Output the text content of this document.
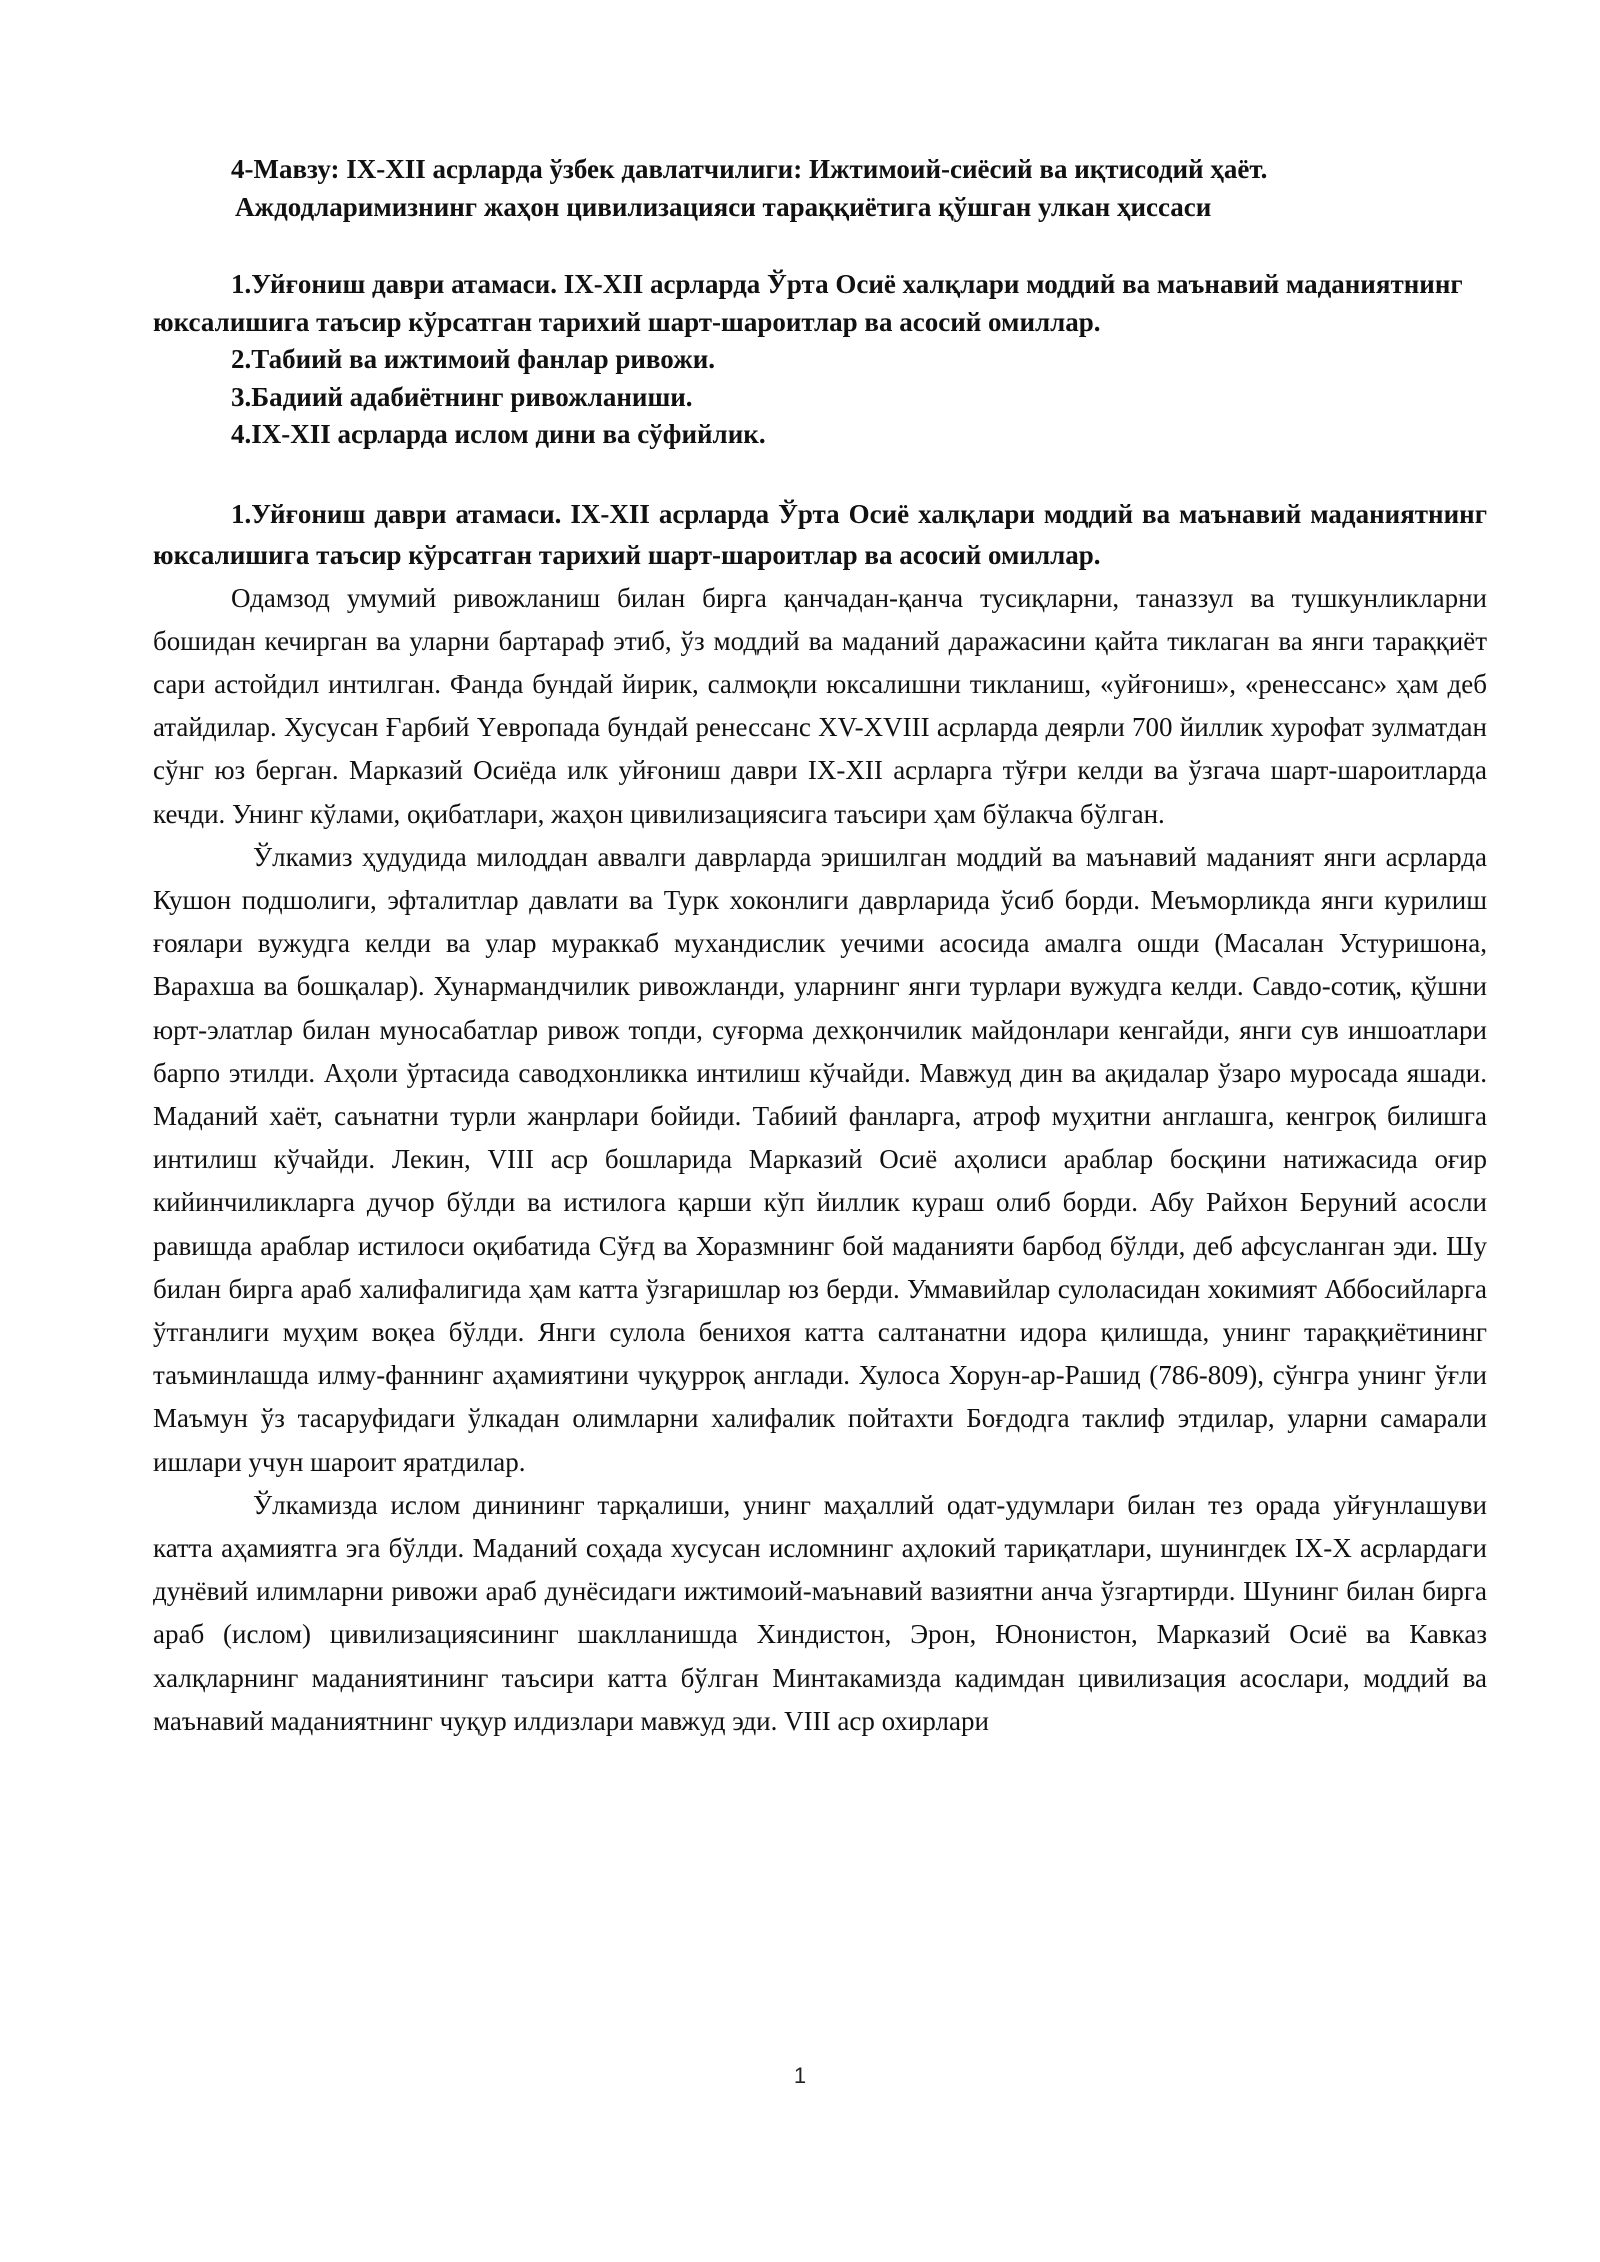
4-Мавзу: IX-XII асрларда ўзбек давлатчилиги: Ижтимоий-сиёсий ва иқтисодий ҳаёт.
Аждодларимизнинг жаҳон цивилизацияси тараққиётига қўшган улкан ҳиссаси
1.Уйғониш даври атамаси. IX-XII асрларда Ўрта Осиё халқлари моддий ва маънавий маданиятнинг юксалишига таъсир кўрсатган тарихий шарт-шароитлар ва асосий омиллар.
2.Табиий ва ижтимоий фанлар ривожи.
3.Бадиий адабиётнинг ривожланиши.
4.IX-XII асрларда ислом дини ва сўфийлик.
1.Уйғониш даври атамаси. IX-XII асрларда Ўрта Осиё халқлари моддий ва маънавий маданиятнинг юксалишига таъсир кўрсатган тарихий шарт-шароитлар ва асосий омиллар.

Одамзод умумий ривожланиш билан бирга қанчадан-қанча тусиқларни, таназзул ва тушкунликларни бошидан кечирган ва уларни бартараф этиб, ўз моддий ва маданий даражасини қайта тиклаган ва янги тараққиёт сари астойдил интилган. Фанда бундай йирик, салмоқли юксалишни тикланиш, «уйғониш», «ренессанс» ҳам деб атайдилар. Хусусан Ғарбий Үевропада бундай ренессанс XV-XVIII асрларда деярли 700 йиллик хурофат зулматдан сўнг юз берган. Марказий Осиёда илк уйғониш даври IX-XII асрларга тўғри келди ва ўзгача шарт-шароитларда кечди. Унинг кўлами, оқибатлари, жаҳон цивилизациясига таъсири ҳам бўлакча бўлган.

Ўлкамиз ҳудудида милоддан аввалги даврларда эришилган моддий ва маънавий маданият янги асрларда Кушон подшолиги, эфталитлар давлати ва Турк хоконлиги даврларида ўсиб борди. Меъморликда янги курилиш ғоялари вужудга келди ва улар мураккаб мухандислик уечими асосида амалга ошди (Масалан Устуришона, Варахша ва бошқалар). Хунармандчилик ривожланди, уларнинг янги турлари вужудга келди. Савдо-сотиқ, қўшни юрт-элатлар билан муносабатлар ривож топди, суғорма дехқончилик майдонлари кенгайди, янги сув иншоатлари барпо этилди. Аҳоли ўртасида саводхонликка интилиш кўчайди. Мавжуд дин ва ақидалар ўзаро муросада яшади. Маданий хаёт, саънатни турли жанрлари бойиди. Табиий фанларга, атроф муҳитни англашга, кенгроқ билишга интилиш кўчайди. Лекин, VIII аср бошларида Марказий Осиё аҳолиси араблар босқини натижасида оғир кийинчиликларга дучор бўлди ва истилога қарши кўп йиллик кураш олиб борди. Абу Райхон Беруний асосли равишда араблар истилоси оқибатида Сўғд ва Хоразмнинг бой маданияти барбод бўлди, деб афсусланган эди. Шу билан бирга араб халифалигида ҳам катта ўзгаришлар юз берди. Уммавийлар сулоласидан хокимият Аббосийларга ўтганлиги муҳим воқеа бўлди. Янги сулола бенихоя катта салтанатни идора қилишда, унинг тараққиётининг таъминлашда илму-фаннинг аҳамиятини чуқурроқ англади. Хулоса Хорун-ар-Рашид (786-809), сўнгра унинг ўғли Маъмун ўз тасаруфидаги ўлкадан олимларни халифалик пойтахти Боғдодга таклиф этдилар, уларни самарали ишлари учун шароит яратдилар.

Ўлкамизда ислом динининг тарқалиши, унинг маҳаллий одат-удумлари билан тез орада уйғунлашуви катта аҳамиятга эга бўлди. Маданий соҳада хусусан исломнинг аҳлокий тариқатлари, шунингдек IX-X асрлардаги дунёвий илимларни ривожи араб дунёсидаги ижтимоий-маънавий вазиятни анча ўзгартирди. Шунинг билан бирга араб (ислом) цивилизациясининг шаклланишда Хиндистон, Эрон, Юнонистон, Марказий Осиё ва Кавказ халқларнинг маданиятининг таъсири катта бўлган Минтакамизда кадимдан цивилизация асослари, моддий ва маънавий маданиятнинг чуқур илдизлари мавжуд эди. VIII аср охирлари

1
